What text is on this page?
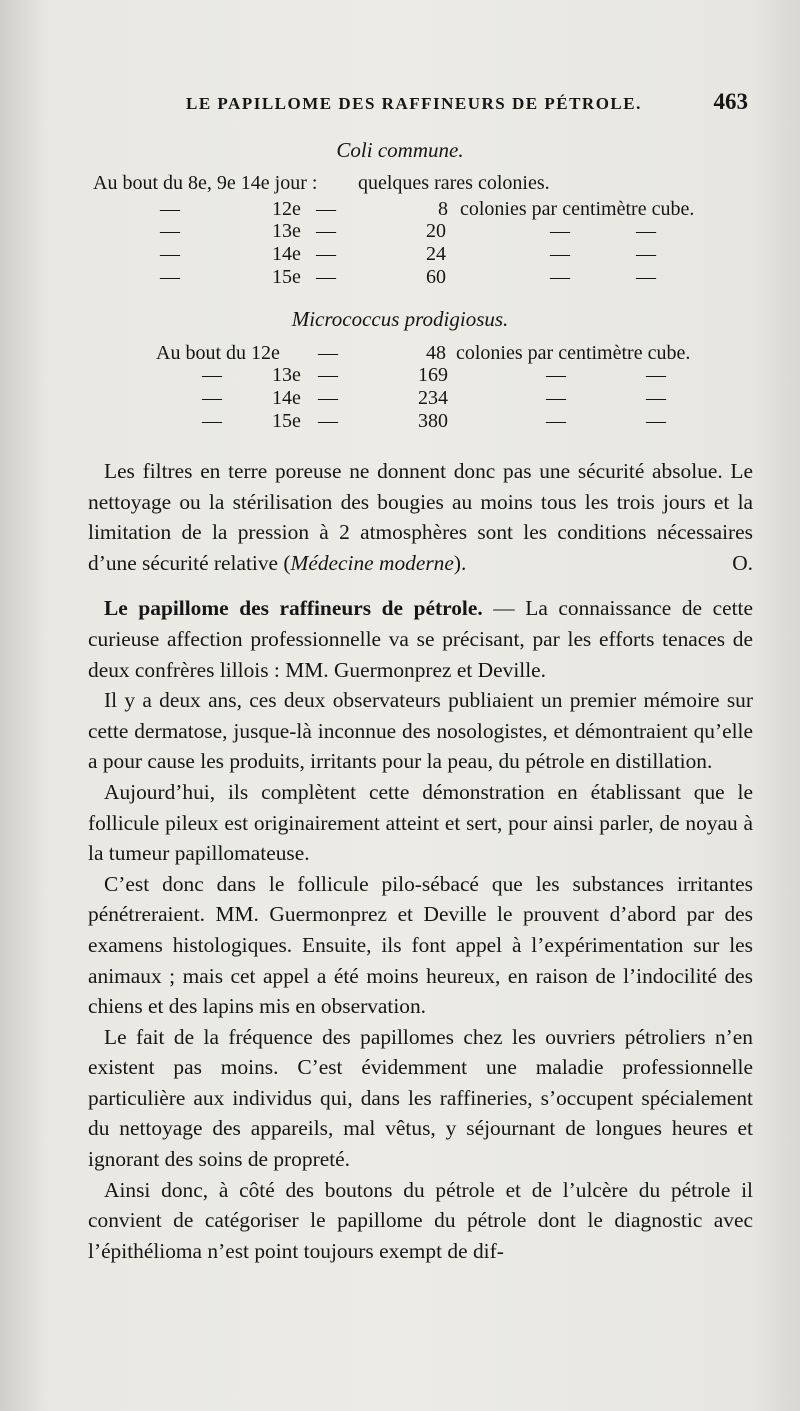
LE PAPILLOME DES RAFFINEURS DE PÉTROLE.	463
Coli commune.
Au bout du 8e, 9e 14e jour : quelques rares colonies.
—	12e —	8 colonies par centimètre cube.
—	13e —	20	—	—
—	14e —	24	—	—
—	15e —	60	—	—
Micrococcus prodigiosus.
Au bout du 12e —	48 colonies par centimètre cube.
—	13e —	169	—	—
—	14e —	234	—	—
—	15e —	380	—	—

Les filtres en terre poreuse ne donnent donc pas une sécurité absolue. Le nettoyage ou la stérilisation des bougies au moins tous les trois jours et la limitation de la pression à 2 atmosphères sont les conditions nécessaires d’une sécurité relative (Médecine moderne).	O.

Le papillome des raffineurs de pétrole. — La connaissance de cette curieuse affection professionnelle va se précisant, par les efforts tenaces de deux confrères lillois : MM. Guermonprez et Deville.

Il y a deux ans, ces deux observateurs publiaient un premier mémoire sur cette dermatose, jusque-là inconnue des nosologistes, et démontraient qu’elle a pour cause les produits, irritants pour la peau, du pétrole en distillation.

Aujourd’hui, ils complètent cette démonstration en établissant que le follicule pileux est originairement atteint et sert, pour ainsi parler, de noyau à la tumeur papillomateuse.

C’est donc dans le follicule pilo-sébacé que les substances irritantes pénétreraient. MM. Guermonprez et Deville le prouvent d’abord par des examens histologiques. Ensuite, ils font appel à l’expérimentation sur les animaux ; mais cet appel a été moins heureux, en raison de l’indocilité des chiens et des lapins mis en observation.

Le fait de la fréquence des papillomes chez les ouvriers pétroliers n’en existent pas moins. C’est évidemment une maladie professionnelle particulière aux individus qui, dans les raffineries, s’occupent spécialement du nettoyage des appareils, mal vêtus, y séjournant de longues heures et ignorant des soins de propreté.

Ainsi donc, à côté des boutons du pétrole et de l’ulcère du pétrole il convient de catégoriser le papillome du pétrole dont le diagnostic avec l’épithélioma n’est point toujours exempt de dif-
